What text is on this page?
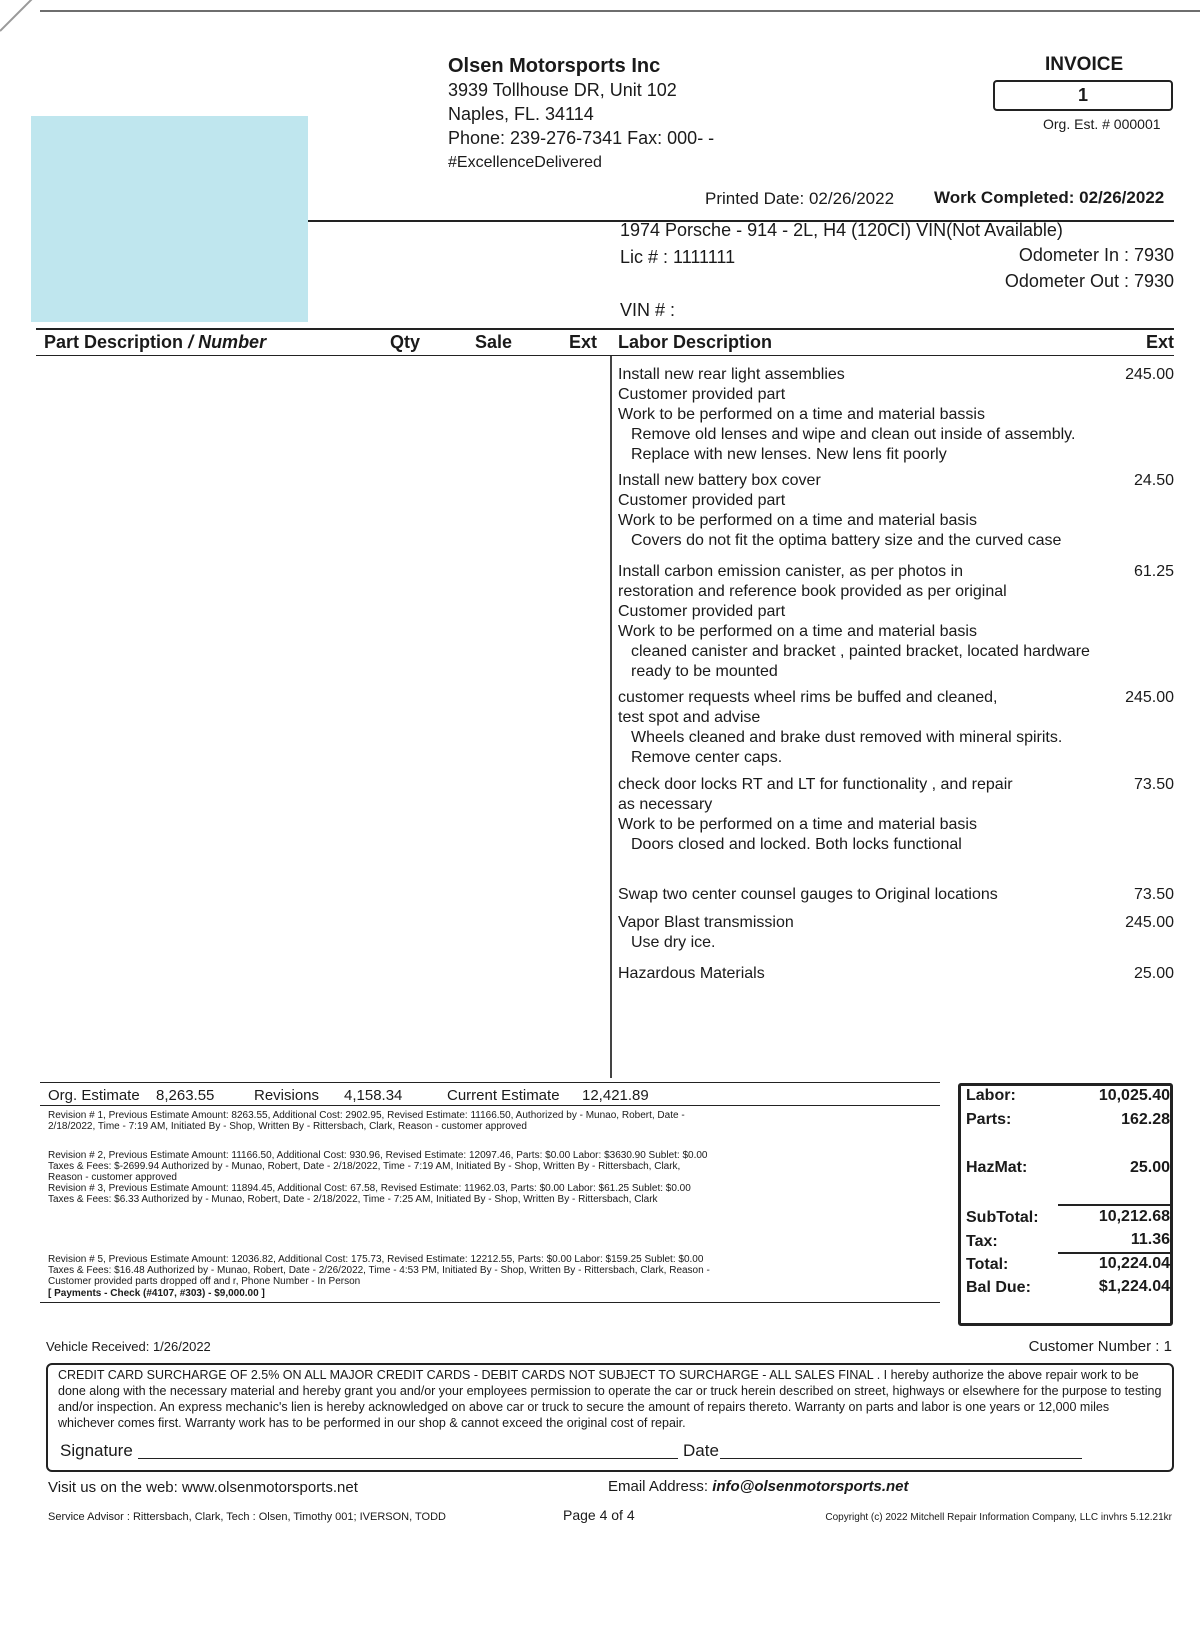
Olsen Motorsports Inc
3939 Tollhouse DR, Unit 102
Naples, FL. 34114
Phone: 239-276-7341 Fax: 000- -
#ExcellenceDelivered
INVOICE
1
Org. Est. # 000001
Printed Date: 02/26/2022 Work Completed: 02/26/2022
1974 Porsche - 914 - 2L, H4 (120CI) VIN(Not Available)
Lic # : 1111111	Odometer In : 7930
Odometer Out : 7930
VIN # :
Part Description / Number	Qty	Sale	Ext Labor Description	Ext
Install new rear light assemblies
Customer provided part
Work to be performed on a time and material bassis
Remove old lenses and wipe and clean out inside of assembly.
Replace with new lenses. New lens fit poorly
245.00
Install new battery box cover
Customer provided part
Work to be performed on a time and material basis
Covers do not fit the optima battery size and the curved case
24.50
Install carbon emission canister, as per photos in
restoration and reference book provided as per original
Customer provided part
Work to be performed on a time and material basis
cleaned canister and bracket , painted bracket, located hardware
ready to be mounted
61.25
customer requests wheel rims be buffed and cleaned,
test spot and advise
Wheels cleaned and brake dust removed with mineral spirits.
Remove center caps.
245.00
check door locks RT and LT for functionality , and repair
as necessary
Work to be performed on a time and material basis
Doors closed and locked. Both locks functional
73.50
Swap two center counsel gauges to Original locations	73.50
Vapor Blast transmission
Use dry ice.
245.00
Hazardous Materials	25.00
Org. Estimate 8,263.55	Revisions 4,158.34	Current Estimate 12,421.89
Revision # 1, Previous Estimate Amount: 8263.55, Additional Cost: 2902.95, Revised Estimate: 11166.50, Authorized by - Munao, Robert, Date -
2/18/2022, Time - 7:19 AM, Initiated By - Shop, Written By - Rittersbach, Clark, Reason - customer approved
Revision # 2, Previous Estimate Amount: 11166.50, Additional Cost: 930.96, Revised Estimate: 12097.46, Parts: $0.00 Labor: $3630.90 Sublet: $0.00
Taxes & Fees: $-2699.94 Authorized by - Munao, Robert, Date - 2/18/2022, Time - 7:19 AM, Initiated By - Shop, Written By - Rittersbach, Clark,
Reason - customer approved
Revision # 3, Previous Estimate Amount: 11894.45, Additional Cost: 67.58, Revised Estimate: 11962.03, Parts: $0.00 Labor: $61.25 Sublet: $0.00
Taxes & Fees: $6.33 Authorized by - Munao, Robert, Date - 2/18/2022, Time - 7:25 AM, Initiated By - Shop, Written By - Rittersbach, Clark
Revision # 5, Previous Estimate Amount: 12036.82, Additional Cost: 175.73, Revised Estimate: 12212.55, Parts: $0.00 Labor: $159.25 Sublet: $0.00
Taxes & Fees: $16.48 Authorized by - Munao, Robert, Date - 2/26/2022, Time - 4:53 PM, Initiated By - Shop, Written By - Rittersbach, Clark, Reason -
Customer provided parts dropped off and r, Phone Number - In Person
[ Payments - Check (#4107, #303) - $9,000.00 ]
Labor:	10,025.40
Parts:	162.28
HazMat:	25.00
SubTotal:	10,212.68
Tax:	11.36
Total:	10,224.04
Bal Due:	$1,224.04
Vehicle Received: 1/26/2022	Customer Number : 1
CREDIT CARD SURCHARGE OF 2.5% ON ALL MAJOR CREDIT CARDS - DEBIT CARDS NOT SUBJECT TO SURCHARGE - ALL SALES FINAL . I hereby authorize the above repair work to be done along with the necessary material and hereby grant you and/or your employees permission to operate the car or truck herein described on street, highways or elsewhere for the purpose to testing and/or inspection. An express mechanic's lien is hereby acknowledged on above car or truck to secure the amount of repairs thereto. Warranty on parts and labor is one years or 12,000 miles whichever comes first. Warranty work has to be performed in our shop & cannot exceed the original cost of repair.
Signature	Date
Visit us on the web: www.olsenmotorsports.net	Email Address: info@olsenmotorsports.net
Service Advisor : Rittersbach, Clark, Tech : Olsen, Timothy 001; IVERSON, TODD	Page 4 of 4	Copyright (c) 2022 Mitchell Repair Information Company, LLC invhrs 5.12.21kr
